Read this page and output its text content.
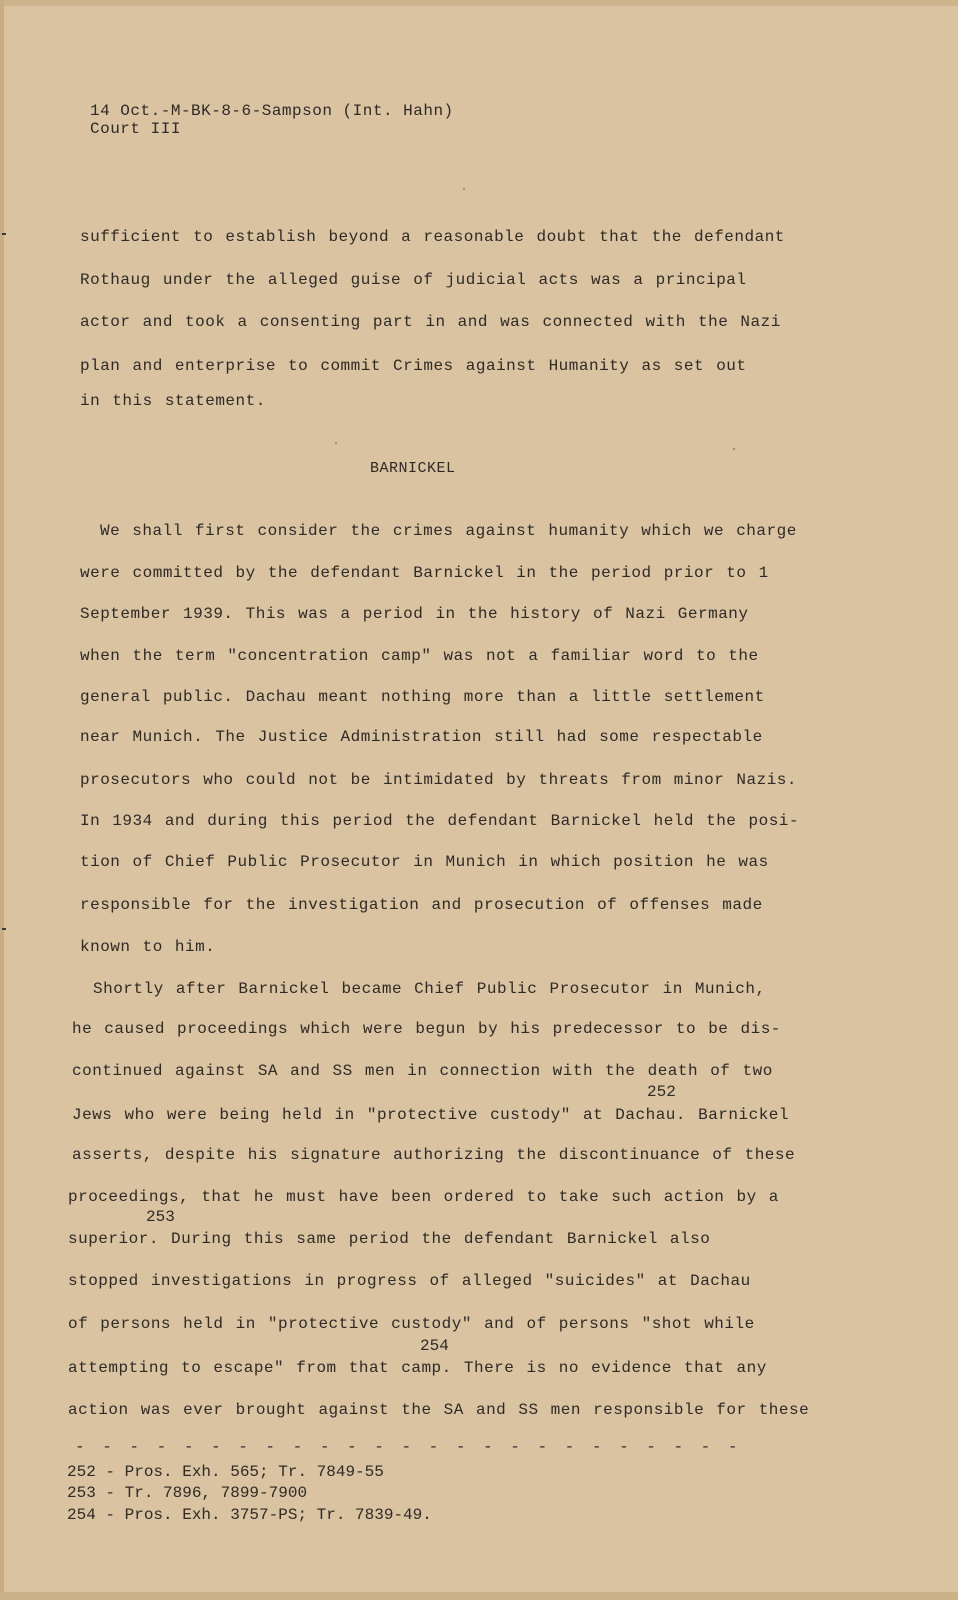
14 Oct.-M-BK-8-6-Sampson (Int. Hahn)
Court III
sufficient to establish beyond a reasonable doubt that the defendant
Rothaug under the alleged guise of judicial acts was a principal
actor and took a consenting part in and was connected with the Nazi
plan and enterprise to commit Crimes against Humanity as set out
in this statement.
BARNICKEL
We shall first consider the crimes against humanity which we charge
were committed by the defendant Barnickel in the period prior to 1
September 1939. This was a period in the history of Nazi Germany
when the term "concentration camp" was not a familiar word to the
general public. Dachau meant nothing more than a little settlement
near Munich. The Justice Administration still had some respectable
prosecutors who could not be intimidated by threats from minor Nazis.
In 1934 and during this period the defendant Barnickel held the posi-
tion of Chief Public Prosecutor in Munich in which position he was
responsible for the investigation and prosecution of offenses made
known to him.
Shortly after Barnickel became Chief Public Prosecutor in Munich,
he caused proceedings which were begun by his predecessor to be dis-
continued against SA and SS men in connection with the death of two
252
Jews who were being held in "protective custody" at Dachau. Barnickel
asserts, despite his signature authorizing the discontinuance of these
proceedings, that he must have been ordered to take such action by a
253
superior. During this same period the defendant Barnickel also
stopped investigations in progress of alleged "suicides" at Dachau
of persons held in "protective custody" and of persons "shot while
254
attempting to escape" from that camp. There is no evidence that any
action was ever brought against the SA and SS men responsible for these
- - - - - - - - - - - - - - - - - - - - - - - - -
252 - Pros. Exh. 565; Tr. 7849-55
253 - Tr. 7896, 7899-7900
254 - Pros. Exh. 3757-PS; Tr. 7839-49.
